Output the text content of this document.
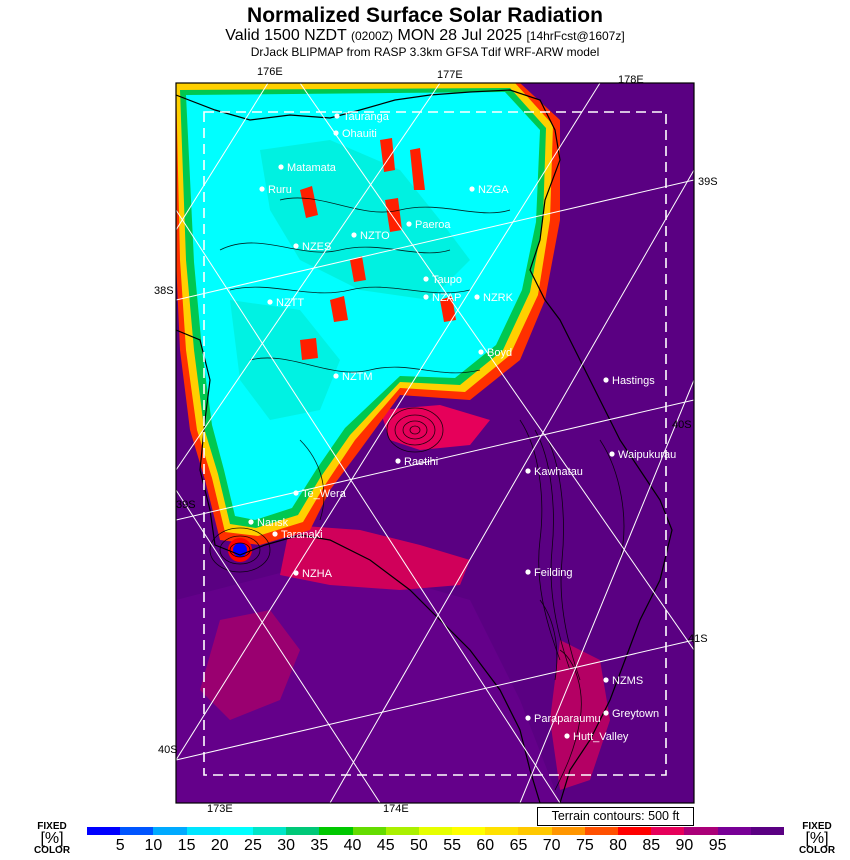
Normalized Surface Solar Radiation
Valid 1500 NZDT (0200Z) MON 28 Jul 2025 [14hrFcst@1607z]
DrJack BLIPMAP from RASP 3.3km GFSA Tdif WRF-ARW model
Tauranga
Ohauiti
Matamata
Ruru	NZGA
Paeroa
NZES
NZTO
Taupo
NZAP NZRK
NZTT
Boyd
NZTM	Hastings
Raetihi
Kawhatau
Waipukurau
Te_Wera
Nansk
Taranaki
NZHA	Feilding
NZMS
Paraparaumu Greytown
Hutt_Valley
176E	177E	178E
173E	174E
39S
38S
40S
39S
41S
40S
Terrain contours: 500 ft
FIXED
[%]
COLOR
FIXED
[%]
COLOR
5 10 15 20 25 30 35 40 45 50 55 60 65 70 75 80 85 90 95
